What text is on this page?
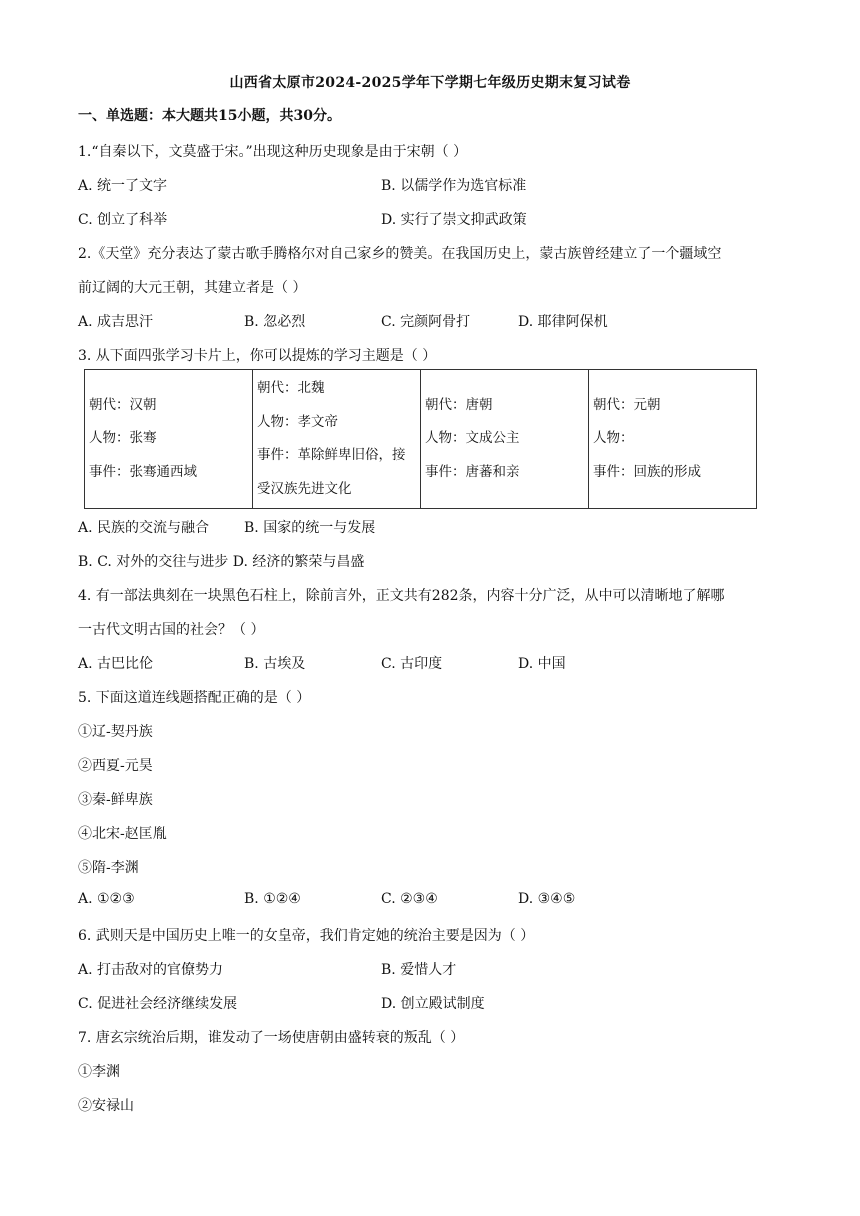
山西省太原市2024-2025学年下学期七年级历史期末复习试卷
一、单选题：本大题共15小题，共30分。
1.“自秦以下，文莫盛于宋。”出现这种历史现象是由于宋朝（ ）
A. 统一了文字	B. 以儒学作为选官标准
C. 创立了科举	D. 实行了崇文抑武政策
2.《天堂》充分表达了蒙古歌手腾格尔对自己家乡的赞美。在我国历史上，蒙古族曾经建立了一个疆域空
前辽阔的大元王朝，其建立者是（ ）
A. 成吉思汗	B. 忽必烈	C. 完颜阿骨打	D. 耶律阿保机
3. 从下面四张学习卡片上，你可以提炼的学习主题是（ ）
朝代：汉朝
人物：张骞
事件：张骞通西域

朝代：北魏
人物：孝文帝
事件：革除鲜卑旧俗，接
受汉族先进文化

朝代：唐朝
人物：文成公主
事件：唐蕃和亲

朝代：元朝
人物：
事件：回族的形成
A. 民族的交流与融合 B. 国家的统一与发展
B. C. 对外的交往与进步 D. 经济的繁荣与昌盛
4. 有一部法典刻在一块黑色石柱上，除前言外，正文共有282条，内容十分广泛，从中可以清晰地了解哪
一古代文明古国的社会？（ ）
A. 古巴比伦	B. 古埃及	C. 古印度	D. 中国
5. 下面这道连线题搭配正确的是（ ）
①辽-契丹族
②西夏-元昊
③秦-鲜卑族
④北宋-赵匡胤
⑤隋-李渊
A. ①②③	B. ①②④	C. ②③④	D. ③④⑤
6. 武则天是中国历史上唯一的女皇帝，我们肯定她的统治主要是因为（ ）
A. 打击敌对的官僚势力	B. 爱惜人才
C. 促进社会经济继续发展	D. 创立殿试制度
7. 唐玄宗统治后期，谁发动了一场使唐朝由盛转衰的叛乱（ ）
①李渊
②安禄山
